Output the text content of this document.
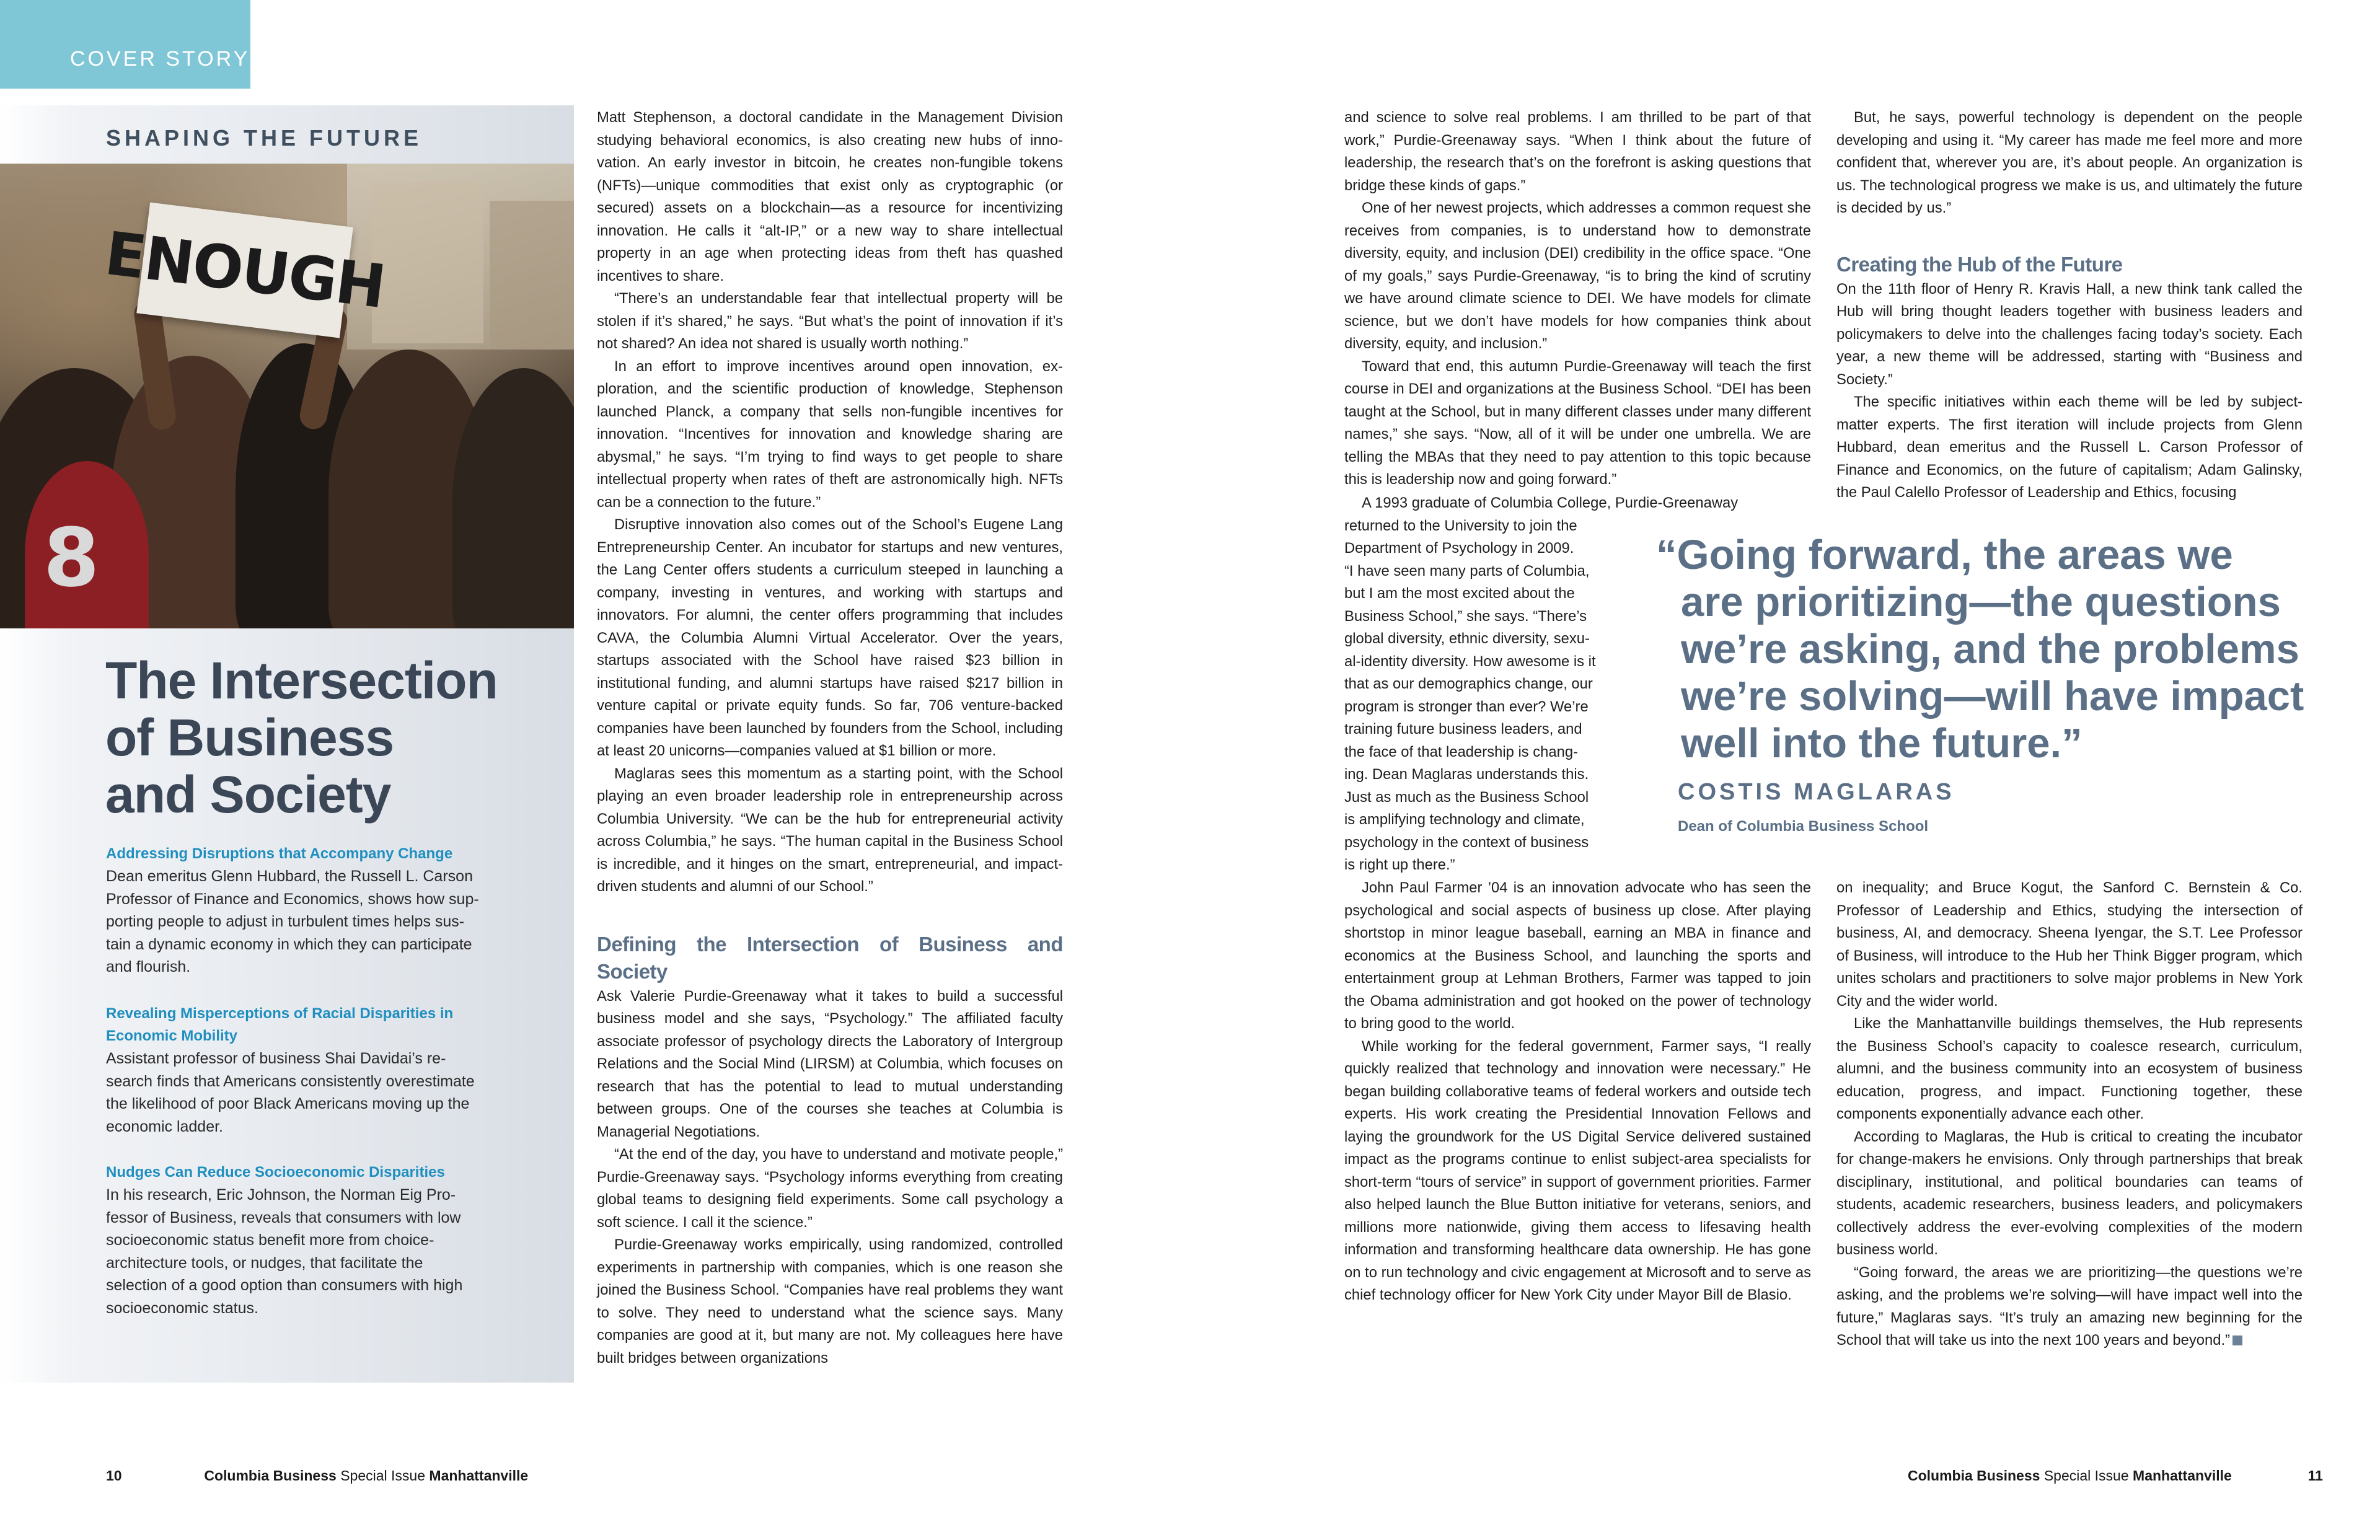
COVER STORY
SHAPING THE FUTURE
ENOUGH
8
The Intersection
of Business
and Society
Addressing Disruptions that Accompany Change

Dean emeritus Glenn Hubbard, the Russell L. Carson

Professor of Finance and Economics, shows how sup-

porting people to adjust in turbulent times helps sus-

tain a dynamic economy in which they can participate

and flourish.

Revealing Misperceptions of Racial Disparities in Economic Mobility

Assistant professor of business Shai Davidai’s re-

search finds that Americans consistently overestimate

the likelihood of poor Black Americans moving up the

economic ladder.

Nudges Can Reduce Socioeconomic Disparities

In his research, Eric Johnson, the Norman Eig Pro-

fessor of Business, reveals that consumers with low

socioeconomic status benefit more from choice-

architecture tools, or nudges, that facilitate the

selection of a good option than consumers with high

socioeconomic status.

Matt Stephenson, a doctoral candidate in the Management Division studying behavioral economics, is also creating new hubs of innovation. An early investor in bitcoin, he creates non-fungible tokens (NFTs)—unique commodities that exist only as cryptographic (or secured) assets on a blockchain—as a resource for incentivizing innovation. He calls it “alt-IP,” or a new way to share intellectual property in an age when protecting ideas from theft has quashed incentives to share.

“There’s an understandable fear that intellectual property will be stolen if it’s shared,” he says. “But what’s the point of innovation if it’s not shared? An idea not shared is usually worth nothing.”

In an effort to improve incentives around open innovation, exploration, and the scientific production of knowledge, Stephenson launched Planck, a company that sells non-fungible incentives for innovation. “Incentives for innovation and knowledge sharing are abysmal,” he says. “I’m trying to find ways to get people to share intellectual property when rates of theft are astronomically high. NFTs can be a connection to the future.”

Disruptive innovation also comes out of the School’s Eugene Lang Entrepreneurship Center. An incubator for startups and new ventures, the Lang Center offers students a curriculum steeped in launching a company, investing in ventures, and working with startups and innovators. For alumni, the center offers programming that includes CAVA, the Columbia Alumni Virtual Accelerator. Over the years, startups associated with the School have raised $23 billion in institutional funding, and alumni startups have raised $217 billion in venture capital or private equity funds. So far, 706 venture-backed companies have been launched by founders from the School, including at least 20 unicorns—companies valued at $1 billion or more.

Maglaras sees this momentum as a starting point, with the School playing an even broader leadership role in entrepreneurship across Columbia University. “We can be the hub for entrepreneurial activity across Columbia,” he says. “The human capital in the Business School is incredible, and it hinges on the smart, entrepreneurial, and impact-driven students and alumni of our School.”

Defining the Intersection of Business and Society

Ask Valerie Purdie-Greenaway what it takes to build a successful business model and she says, “Psychology.” The affiliated faculty associate professor of psychology directs the Laboratory of Intergroup Relations and the Social Mind (LIRSM) at Columbia, which focuses on research that has the potential to lead to mutual understanding between groups. One of the courses she teaches at Columbia is Managerial Negotiations.

“At the end of the day, you have to understand and motivate people,” Purdie-Greenaway says. “Psychology informs everything from creating global teams to designing field experiments. Some call psychology a soft science. I call it the science.”

Purdie-Greenaway works empirically, using randomized, controlled experiments in partnership with companies, which is one reason she joined the Business School. “Companies have real problems they want to solve. They need to understand what the science says. Many companies are good at it, but many are not. My colleagues here have built bridges between organizations

10	Columbia Business Special Issue Manhattanville

and science to solve real problems. I am thrilled to be part of that work,” Purdie-Greenaway says. “When I think about the future of leadership, the research that’s on the forefront is asking questions that bridge these kinds of gaps.”

One of her newest projects, which addresses a common request she receives from companies, is to understand how to demonstrate diversity, equity, and inclusion (DEI) credibility in the office space. “One of my goals,” says Purdie-Greenaway, “is to bring the kind of scrutiny we have around climate science to DEI. We have models for climate science, but we don’t have models for how companies think about diversity, equity, and inclusion.”

Toward that end, this autumn Purdie-Greenaway will teach the first course in DEI and organizations at the Business School. “DEI has been taught at the School, but in many different classes under many different names,” she says. “Now, all of it will be under one umbrella. We are telling the MBAs that they need to pay attention to this topic because this is leadership now and going forward.”

A 1993 graduate of Columbia College, Purdie-Greenaway

returned to the University to join the
Department of Psychology in 2009.
“I have seen many parts of Columbia,
but I am the most excited about the
Business School,” she says. “There’s
global diversity, ethnic diversity, sexu-
al-identity diversity. How awesome is it
that as our demographics change, our
program is stronger than ever? We’re
training future business leaders, and
the face of that leadership is chang-
ing. Dean Maglaras understands this.
Just as much as the Business School
is amplifying technology and climate,
psychology in the context of business
is right up there.”

John Paul Farmer ’04 is an innovation advocate who has seen the psychological and social aspects of business up close. After playing shortstop in minor league baseball, earning an MBA in finance and economics at the Business School, and launching the sports and entertainment group at Lehman Brothers, Farmer was tapped to join the Obama administration and got hooked on the power of technology to bring good to the world.

While working for the federal government, Farmer says, “I really quickly realized that technology and innovation were necessary.” He began building collaborative teams of federal workers and outside tech experts. His work creating the Presidential Innovation Fellows and laying the groundwork for the US Digital Service delivered sustained impact as the programs continue to enlist subject-area specialists for short-term “tours of service” in support of government priorities. Farmer also helped launch the Blue Button initiative for veterans, seniors, and millions more nationwide, giving them access to lifesaving health information and transforming healthcare data ownership. He has gone on to run technology and civic engagement at Microsoft and to serve as chief technology officer for New York City under Mayor Bill de Blasio.

But, he says, powerful technology is dependent on the people developing and using it. “My career has made me feel more and more confident that, wherever you are, it’s about people. An organization is us. The technological progress we make is us, and ultimately the future is decided by us.”

Creating the Hub of the Future

On the 11th floor of Henry R. Kravis Hall, a new think tank called the Hub will bring thought leaders together with business leaders and policymakers to delve into the challenges facing today’s society. Each year, a new theme will be addressed, starting with “Business and Society.”

The specific initiatives within each theme will be led by subject-matter experts. The first iteration will include projects from Glenn Hubbard, dean emeritus and the Russell L. Carson Professor of Finance and Economics, on the future of capitalism; Adam Galinsky, the Paul Calello Professor of Leadership and Ethics, focusing

“Going forward, the areas we
are prioritizing—the questions
we’re asking, and the problems
we’re solving—will have impact
well into the future.”
COSTIS MAGLARAS
Dean of Columbia Business School

on inequality; and Bruce Kogut, the Sanford C. Bernstein & Co. Professor of Leadership and Ethics, studying the intersection of business, AI, and democracy. Sheena Iyengar, the S.T. Lee Professor of Business, will introduce to the Hub her Think Bigger program, which unites scholars and practitioners to solve major problems in New York City and the wider world.

Like the Manhattanville buildings themselves, the Hub represents the Business School’s capacity to coalesce research, curriculum, alumni, and the business community into an ecosystem of business education, progress, and impact. Functioning together, these components exponentially advance each other.

According to Maglaras, the Hub is critical to creating the incubator for change-makers he envisions. Only through partnerships that break disciplinary, institutional, and political boundaries can teams of students, academic researchers, business leaders, and policymakers collectively address the ever-evolving complexities of the modern business world.

“Going forward, the areas we are prioritizing—the questions we’re asking, and the problems we’re solving—will have impact well into the future,” Maglaras says. “It’s truly an amazing new beginning for the School that will take us into the next 100 years and beyond.”

Columbia Business Special Issue Manhattanville	11
